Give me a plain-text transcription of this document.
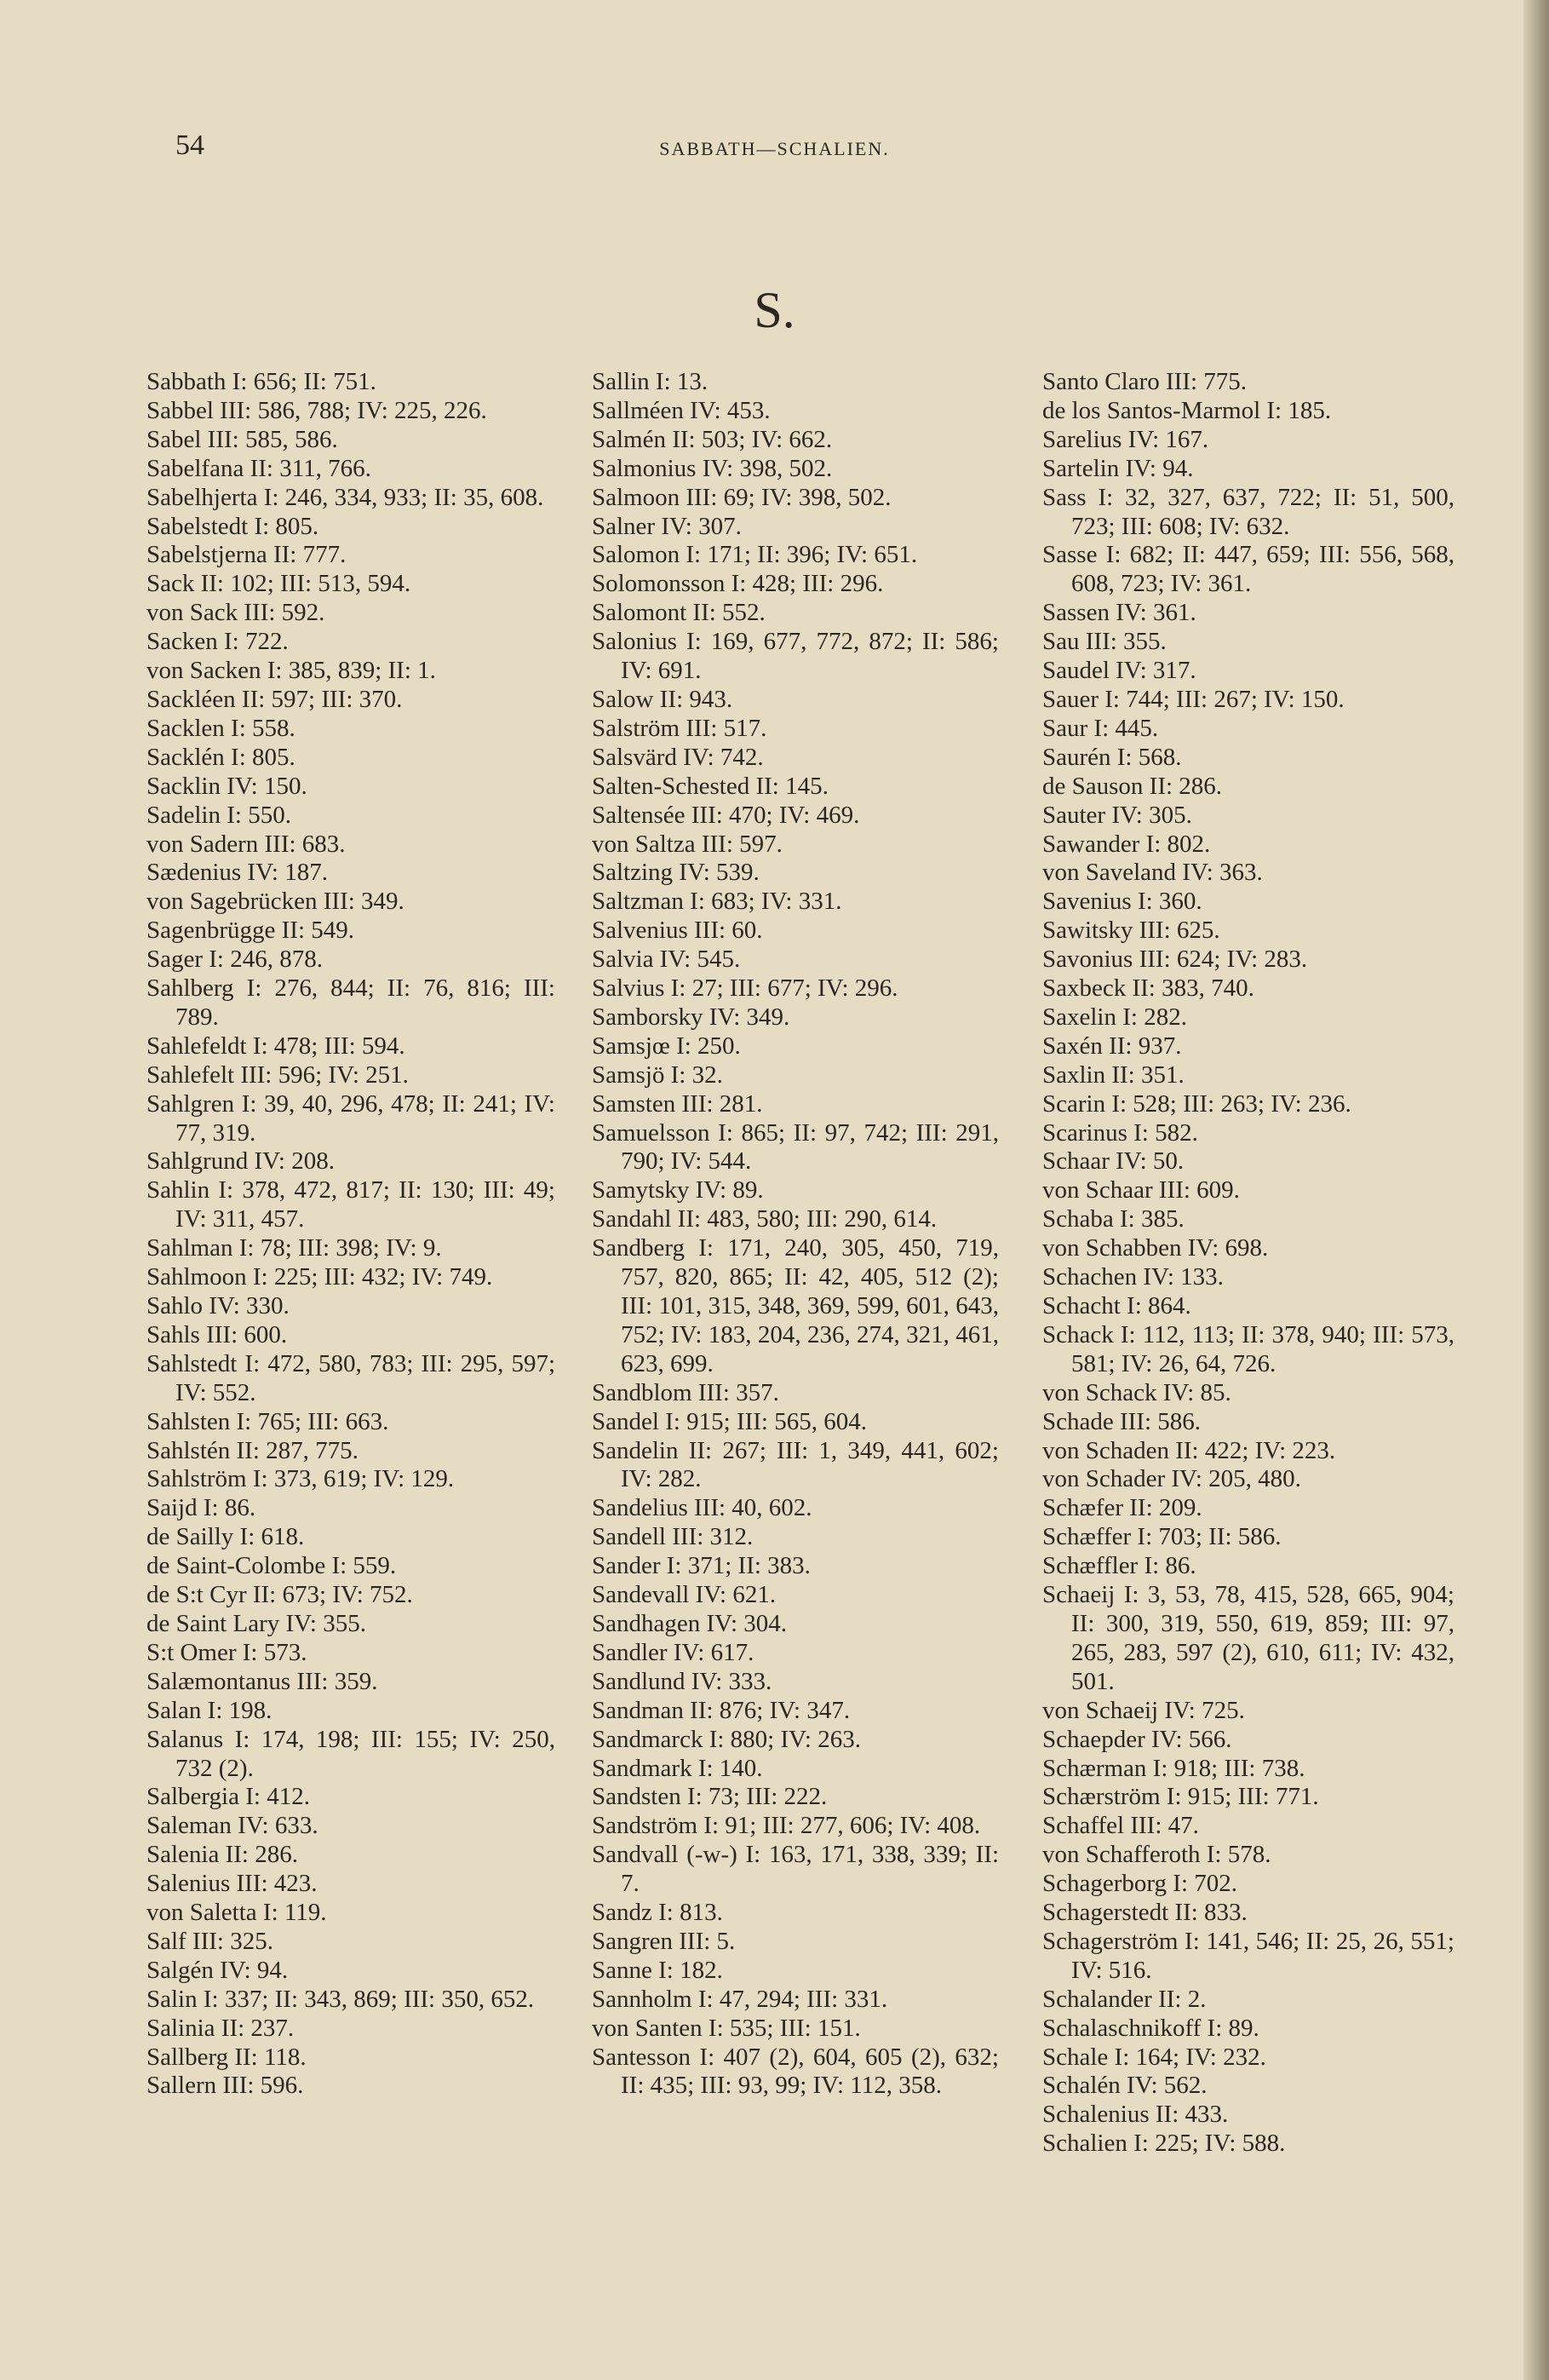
54	SABBATH—SCHALIEN.
S.
Sabbath I: 656; II: 751.
Sabbel III: 586, 788; IV: 225, 226.
Sabel III: 585, 586.
Sabelfana II: 311, 766.
Sabelhjerta I: 246, 334, 933; II: 35, 608.
Sabelstedt I: 805.
Sabelstjerna II: 777.
Sack II: 102; III: 513, 594.
von Sack III: 592.
Sacken I: 722.
von Sacken I: 385, 839; II: 1.
Sackléen II: 597; III: 370.
Sacklen I: 558.
Sacklén I: 805.
Sacklin IV: 150.
Sadelin I: 550.
von Sadern III: 683.
Sædenius IV: 187.
von Sagebrücken III: 349.
Sagenbrügge II: 549.
Sager I: 246, 878.
Sahlberg I: 276, 844; II: 76, 816; III: 789.
Sahlefeldt I: 478; III: 594.
Sahlefelt III: 596; IV: 251.
Sahlgren I: 39, 40, 296, 478; II: 241; IV: 77, 319.
Sahlgrund IV: 208.
Sahlin I: 378, 472, 817; II: 130; III: 49; IV: 311, 457.
Sahlman I: 78; III: 398; IV: 9.
Sahlmoon I: 225; III: 432; IV: 749.
Sahlo IV: 330.
Sahls III: 600.
Sahlstedt I: 472, 580, 783; III: 295, 597; IV: 552.
Sahlsten I: 765; III: 663.
Sahlstén II: 287, 775.
Sahlström I: 373, 619; IV: 129.
Saijd I: 86.
de Sailly I: 618.
de Saint-Colombe I: 559.
de S:t Cyr II: 673; IV: 752.
de Saint Lary IV: 355.
S:t Omer I: 573.
Salæmontanus III: 359.
Salan I: 198.
Salanus I: 174, 198; III: 155; IV: 250, 732 (2).
Salbergia I: 412.
Saleman IV: 633.
Salenia II: 286.
Salenius III: 423.
von Saletta I: 119.
Salf III: 325.
Salgén IV: 94.
Salin I: 337; II: 343, 869; III: 350, 652.
Salinia II: 237.
Sallberg II: 118.
Sallern III: 596.
Sallin I: 13.
Sallméen IV: 453.
Salmén II: 503; IV: 662.
Salmonius IV: 398, 502.
Salmoon III: 69; IV: 398, 502.
Salner IV: 307.
Salomon I: 171; II: 396; IV: 651.
Solomonsson I: 428; III: 296.
Salomont II: 552.
Salonius I: 169, 677, 772, 872; II: 586; IV: 691.
Salow II: 943.
Salström III: 517.
Salsvärd IV: 742.
Salten-Schested II: 145.
Saltensée III: 470; IV: 469.
von Saltza III: 597.
Saltzing IV: 539.
Saltzman I: 683; IV: 331.
Salvenius III: 60.
Salvia IV: 545.
Salvius I: 27; III: 677; IV: 296.
Samborsky IV: 349.
Samsjœ I: 250.
Samsjö I: 32.
Samsten III: 281.
Samuelsson I: 865; II: 97, 742; III: 291, 790; IV: 544.
Samytsky IV: 89.
Sandahl II: 483, 580; III: 290, 614.
Sandberg I: 171, 240, 305, 450, 719, 757, 820, 865; II: 42, 405, 512 (2); III: 101, 315, 348, 369, 599, 601, 643, 752; IV: 183, 204, 236, 274, 321, 461, 623, 699.
Sandblom III: 357.
Sandel I: 915; III: 565, 604.
Sandelin II: 267; III: 1, 349, 441, 602; IV: 282.
Sandelius III: 40, 602.
Sandell III: 312.
Sander I: 371; II: 383.
Sandevall IV: 621.
Sandhagen IV: 304.
Sandler IV: 617.
Sandlund IV: 333.
Sandman II: 876; IV: 347.
Sandmarck I: 880; IV: 263.
Sandmark I: 140.
Sandsten I: 73; III: 222.
Sandström I: 91; III: 277, 606; IV: 408.
Sandvall (-w-) I: 163, 171, 338, 339; II: 7.
Sandz I: 813.
Sangren III: 5.
Sanne I: 182.
Sannholm I: 47, 294; III: 331.
von Santen I: 535; III: 151.
Santesson I: 407 (2), 604, 605 (2), 632; II: 435; III: 93, 99; IV: 112, 358.
Santo Claro III: 775.
de los Santos-Marmol I: 185.
Sarelius IV: 167.
Sartelin IV: 94.
Sass I: 32, 327, 637, 722; II: 51, 500, 723; III: 608; IV: 632.
Sasse I: 682; II: 447, 659; III: 556, 568, 608, 723; IV: 361.
Sassen IV: 361.
Sau III: 355.
Saudel IV: 317.
Sauer I: 744; III: 267; IV: 150.
Saur I: 445.
Saurén I: 568.
de Sauson II: 286.
Sauter IV: 305.
Sawander I: 802.
von Saveland IV: 363.
Savenius I: 360.
Sawitsky III: 625.
Savonius III: 624; IV: 283.
Saxbeck II: 383, 740.
Saxelin I: 282.
Saxén II: 937.
Saxlin II: 351.
Scarin I: 528; III: 263; IV: 236.
Scarinus I: 582.
Schaar IV: 50.
von Schaar III: 609.
Schaba I: 385.
von Schabben IV: 698.
Schachen IV: 133.
Schacht I: 864.
Schack I: 112, 113; II: 378, 940; III: 573, 581; IV: 26, 64, 726.
von Schack IV: 85.
Schade III: 586.
von Schaden II: 422; IV: 223.
von Schader IV: 205, 480.
Schæfer II: 209.
Schæffer I: 703; II: 586.
Schæffler I: 86.
Schaeij I: 3, 53, 78, 415, 528, 665, 904; II: 300, 319, 550, 619, 859; III: 97, 265, 283, 597 (2), 610, 611; IV: 432, 501.
von Schaeij IV: 725.
Schaepder IV: 566.
Schærman I: 918; III: 738.
Schærström I: 915; III: 771.
Schaffel III: 47.
von Schafferoth I: 578.
Schagerborg I: 702.
Schagerstedt II: 833.
Schagerström I: 141, 546; II: 25, 26, 551; IV: 516.
Schalander II: 2.
Schalaschnikoff I: 89.
Schale I: 164; IV: 232.
Schalén IV: 562.
Schalenius II: 433.
Schalien I: 225; IV: 588.
